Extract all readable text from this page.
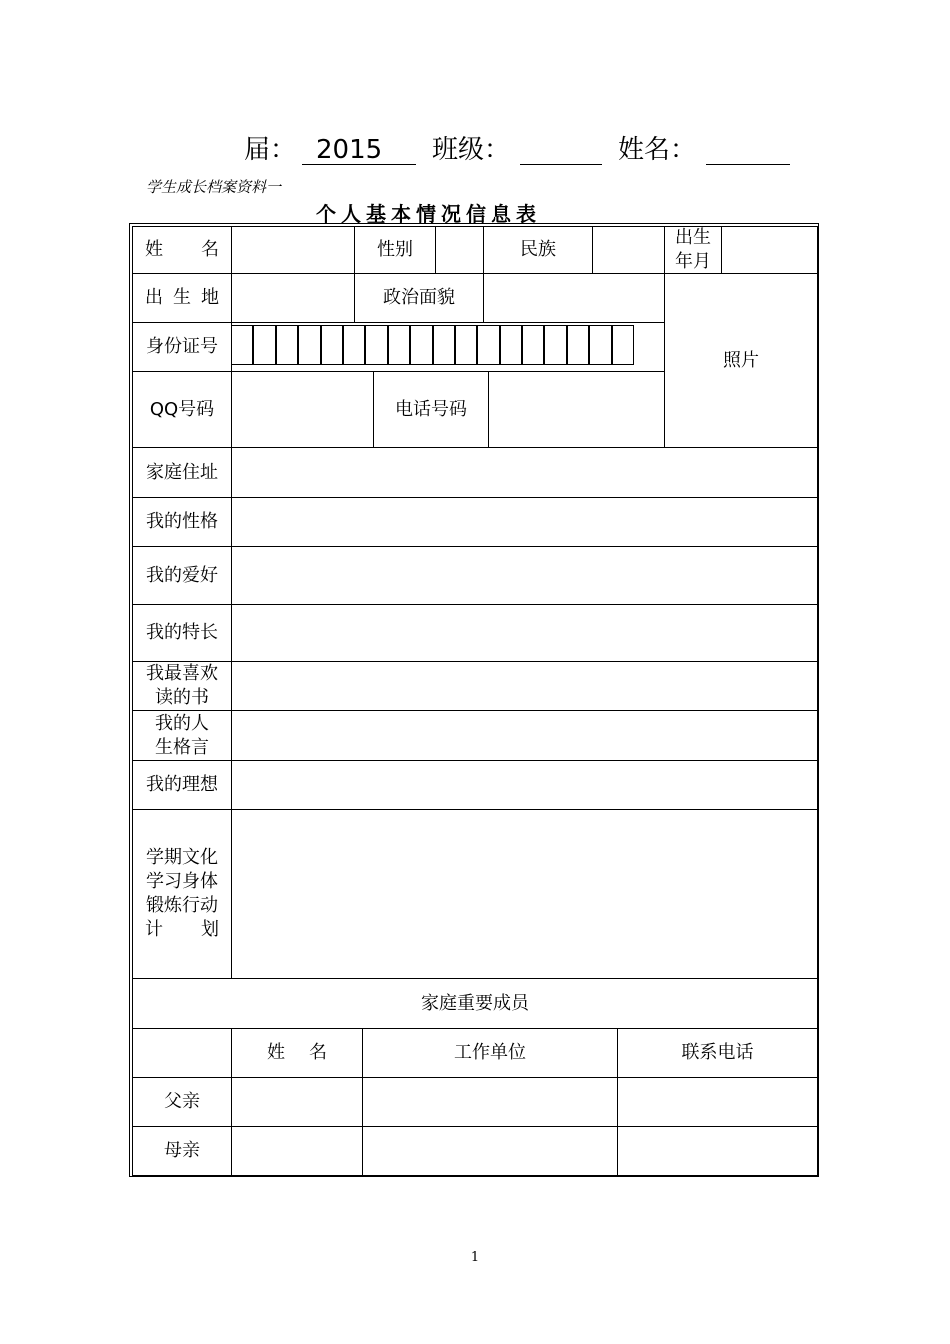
届： 2015 班级：	姓名：
学生成长档案资料一
个人基本情况信息表
姓 名	性别	民族
出生
年月
出 生 地	政治面貌
照片
身份证号
QQ号码	电话号码
家庭住址
我的性格
我的爱好
我的特长
我最喜欢
读的书
我的人
生格言
我的理想
学期文化
学习身体
锻炼行动
计 划
家庭重要成员
姓 名	工作单位	联系电话
父亲
母亲
1
